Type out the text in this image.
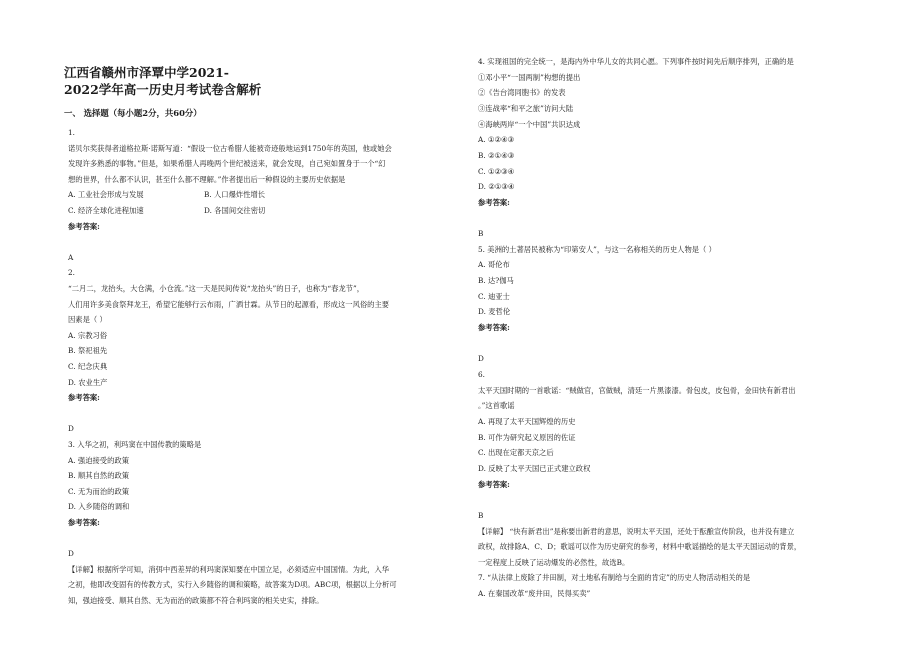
江西省赣州市泽覃中学2021-
2022学年高一历史月考试卷含解析
一、 选择题（每小题2分，共60分）
1.
诺贝尔奖获得者道格拉斯·诺斯写道：“假设一位古希腊人能被奇迹般地运到1750年的英国，他或她会
发现许多熟悉的事物。”但是，如果希腊人再晚两个世纪被送来，就会发现，自己宛如置身于一个“幻
想的世界，什么都不认识，甚至什么都不理解。”作者提出后一种假设的主要历史依据是
A. 工业社会形成与发展	B. 人口爆炸性增长
C. 经济全球化进程加速	D. 各国间交往密切
参考答案:
A
2.
“二月二，龙抬头，大仓满，小仓流。”这一天是民间传说“龙抬头”的日子，也称为“春龙节”，
人们用许多美食祭拜龙王，希望它能够行云布雨，广洒甘霖。从节日的起源看，形成这一风俗的主要
因素是（ ）
A. 宗教习俗
B. 祭祀祖先
C. 纪念庆典
D. 农业生产
参考答案:
D
3. 入华之初，利玛窦在中国传教的策略是
A. 强迫接受的政策
B. 顺其自然的政策
C. 无为而治的政策
D. 入乡随俗的调和
参考答案:
D
【详解】根据所学可知，消弭中西差异的利玛窦深知要在中国立足，必须适应中国国情。为此，入华
之初，他即改变固有的传教方式，实行入乡随俗的调和策略，故答案为D项。ABC项，根据以上分析可
知，强迫接受、顺其自然、无为而治的政策都不符合利玛窦的相关史实，排除。
4. 实现祖国的完全统一，是海内外中华儿女的共同心愿。下列事件按时间先后顺序排列，正确的是
①邓小平“一国两制”构想的提出
②《告台湾同胞书》的发表
③连战率“和平之旅”访问大陆
④海峡两岸“一个中国”共识达成
A. ①②④③
B. ②①④③
C. ①②③④
D. ②①③④
参考答案:
B
5. 美洲的土著居民被称为“印第安人”，与这一名称相关的历史人物是（ ）
A. 哥伦布
B. 达?伽马
C. 迪亚士
D. 麦哲伦
参考答案:
D
6.
太平天国时期的一首歌谣：“贼做官，官做贼，清廷一片黑漆漆。骨包皮，皮包骨，金田快有新君出
。”这首歌谣
A. 再现了太平天国辉煌的历史
B. 可作为研究起义原因的佐证
C. 出现在定都天京之后
D. 反映了太平天国已正式建立政权
参考答案:
B
【详解】 “快有新君出”是称要出新君的意思，说明太平天国，还处于酝酿宣传阶段，也并没有建立
政权，故排除A、C、D；歌谣可以作为历史研究的参考，材料中歌谣描绘的是太平天国运动的背景，
一定程度上反映了运动爆发的必然性，故选B。
7. “从法律上废除了井田制，对土地私有制给与全面的肯定”的历史人物活动相关的是
A. 在秦国改革“废井田，民得买卖”
